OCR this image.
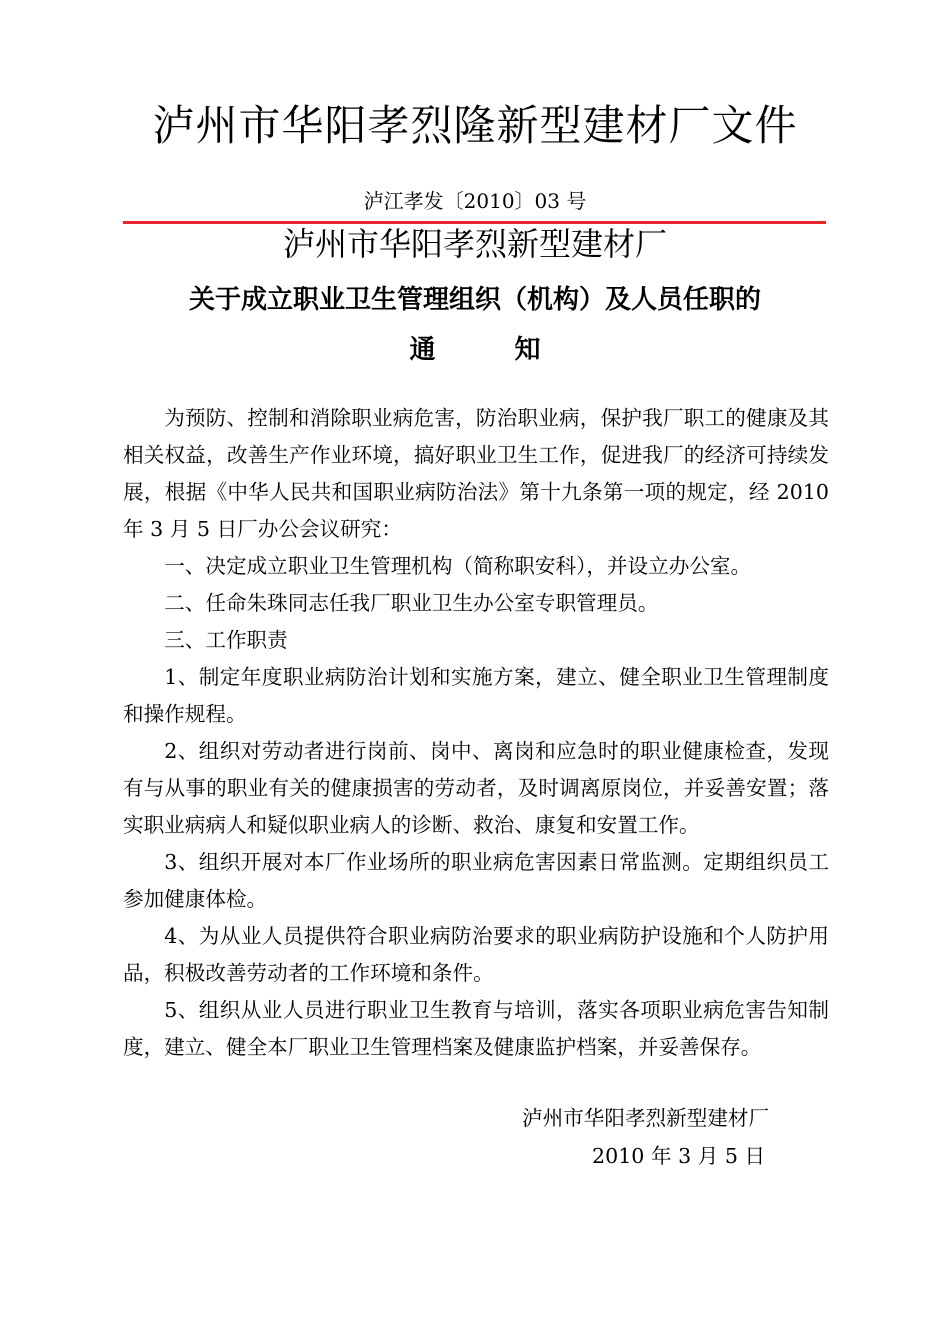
泸州市华阳孝烈隆新型建材厂文件
泸江孝发〔2010〕03 号
泸州市华阳孝烈新型建材厂
关于成立职业卫生管理组织（机构）及人员任职的
通	知

为预防、控制和消除职业病危害，防治职业病，保护我厂职工的健康及其相关权益，改善生产作业环境，搞好职业卫生工作，促进我厂的经济可持续发展，根据《中华人民共和国职业病防治法》第十九条第一项的规定，经 2010 年 3 月 5 日厂办公会议研究：

一、决定成立职业卫生管理机构（简称职安科），并设立办公室。

二、任命朱珠同志任我厂职业卫生办公室专职管理员。

三、工作职责

1、制定年度职业病防治计划和实施方案，建立、健全职业卫生管理制度和操作规程。

2、组织对劳动者进行岗前、岗中、离岗和应急时的职业健康检查，发现有与从事的职业有关的健康损害的劳动者，及时调离原岗位，并妥善安置；落实职业病病人和疑似职业病人的诊断、救治、康复和安置工作。

3、组织开展对本厂作业场所的职业病危害因素日常监测。定期组织员工参加健康体检。

4、为从业人员提供符合职业病防治要求的职业病防护设施和个人防护用品，积极改善劳动者的工作环境和条件。

5、组织从业人员进行职业卫生教育与培训，落实各项职业病危害告知制度，建立、健全本厂职业卫生管理档案及健康监护档案，并妥善保存。

泸州市华阳孝烈新型建材厂
2010 年 3 月 5 日
